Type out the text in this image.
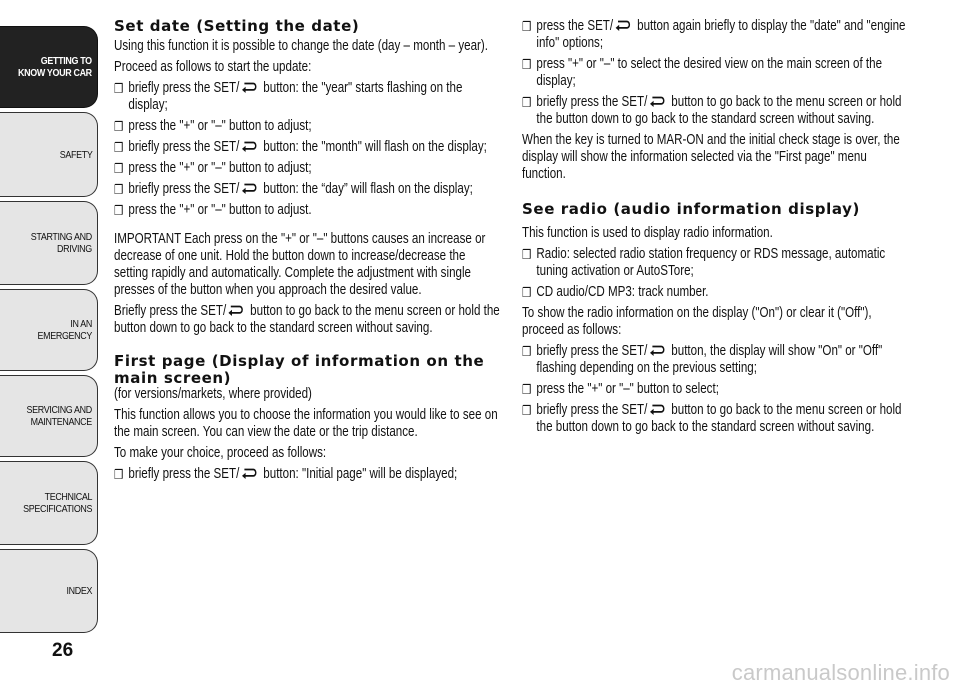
GETTING TO
KNOW YOUR CAR
SAFETY
STARTING AND
DRIVING
IN AN EMERGENCY
SERVICING AND
MAINTENANCE
TECHNICAL
SPECIFICATIONS
INDEX
26
Set date (Setting the date)

Using this function it is possible to change the date (day – month – year).

Proceed as follows to start the update:

❒ briefly press the SET/ button: the "year" starts flashing on the display;
❒ press the "+" or "–" button to adjust;
❒ briefly press the SET/ button: the "month" will flash on the display;
❒ press the "+" or "–" button to adjust;
❒ briefly press the SET/ button: the “day” will flash on the display;
❒ press the "+" or "–" button to adjust.

IMPORTANT Each press on the "+" or "–" buttons causes an increase or decrease of one unit. Hold the button down to increase/decrease the setting rapidly and automatically. Complete the adjustment with single presses of the button when you approach the desired value.

Briefly press the SET/ button to go back to the menu screen or hold the button down to go back to the standard screen without saving.

First page (Display of information on the main screen)

(for versions/markets, where provided)

This function allows you to choose the information you would like to see on the main screen. You can view the date or the trip distance.

To make your choice, proceed as follows:

❒ briefly press the SET/ button: "Initial page" will be displayed;
❒ press the SET/ button again briefly to display the "date" and "engine info" options;
❒ press "+" or "–" to select the desired view on the main screen of the display;
❒ briefly press the SET/ button to go back to the menu screen or hold the button down to go back to the standard screen without saving.

When the key is turned to MAR-ON and the initial check stage is over, the display will show the information selected via the "First page" menu function.

See radio (audio information display)

This function is used to display radio information.

❒ Radio: selected radio station frequency or RDS message, automatic tuning activation or AutoSTore;
❒ CD audio/CD MP3: track number.

To show the radio information on the display ("On") or clear it ("Off"), proceed as follows:

❒ briefly press the SET/ button, the display will show "On" or "Off" flashing depending on the previous setting;
❒ press the "+" or "–" button to select;
❒ briefly press the SET/ button to go back to the menu screen or hold the button down to go back to the standard screen without saving.
carmanualsonline.info
